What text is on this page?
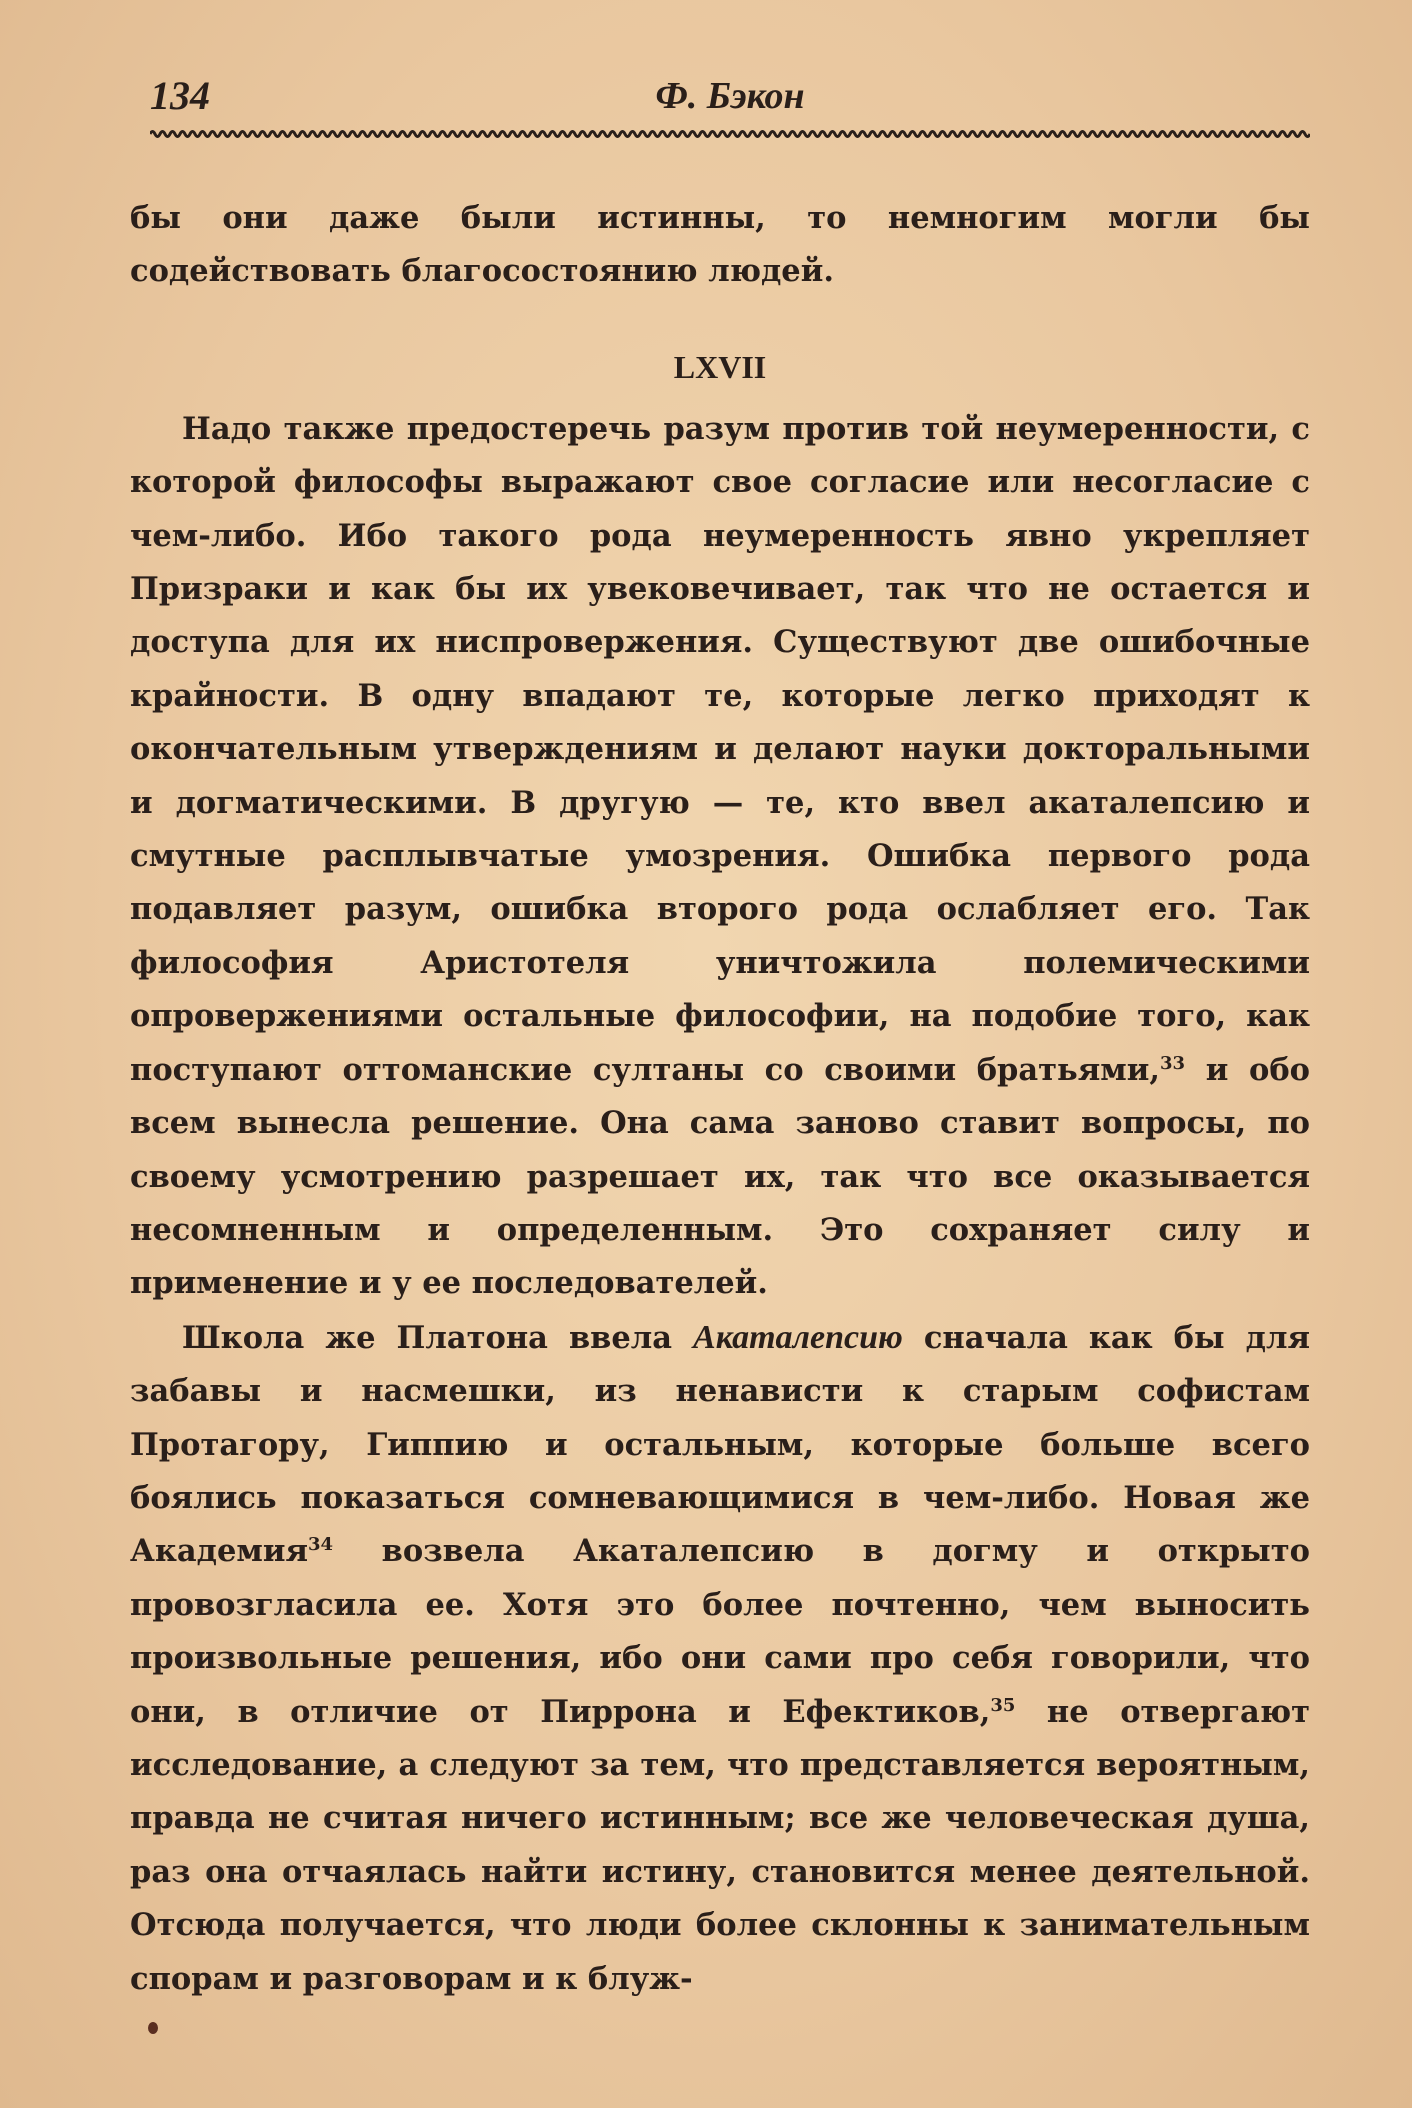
134	Ф. Бэкон

бы они даже были истинны, то немногим могли бы содействовать благосостоянию людей.

LXVII

Надо также предостеречь разум против той неумеренности, с которой философы выражают свое согласие или несогласие с чем-либо. Ибо такого рода неумеренность явно укрепляет Призраки и как бы их увековечивает, так что не остается и доступа для их ниспровержения. Существуют две ошибочные крайности. В одну впадают те, которые легко приходят к окончательным утверждениям и делают науки доктoральными и догматическими. В другую — те, кто ввел акаталепсию и смутные расплывчатые умозрения. Ошибка первого рода подавляет разум, ошибка второго рода ослабляет его. Так философия Аристотеля уничтожила полемическими опровержениями остальные философии, на подобие того, как поступают оттоманские султаны со своими братьями,$^{33}$ и обо всем вынесла решение. Она сама заново ставит вопросы, по своему усмотрению разрешает их, так что все оказывается несомненным и определенным. Это сохраняет силу и применение и у ее последователей.

Школа же Платона ввела Акаталепсию сначала как бы для забавы и насмешки, из ненависти к старым софистам Протагору, Гиппию и остальным, которые больше всего боялись показаться сомневающимися в чем-либо. Новая же Академия$^{34}$ возвела Акаталепсию в догму и открыто провозгласила ее. Хотя это более почтенно, чем выносить произвольные решения, ибо они сами про себя говорили, что они, в отличие от Пиррона и Ефектиков,$^{35}$ не отвергают исследование, а следуют за тем, что представляется вероятным, правда не считая ничего истинным; все же человеческая душа, раз она отчаялась найти истину, становится менее деятельной. Отсюда получается, что люди более склонны к занимательным спорам и разговорам и к блуж-
